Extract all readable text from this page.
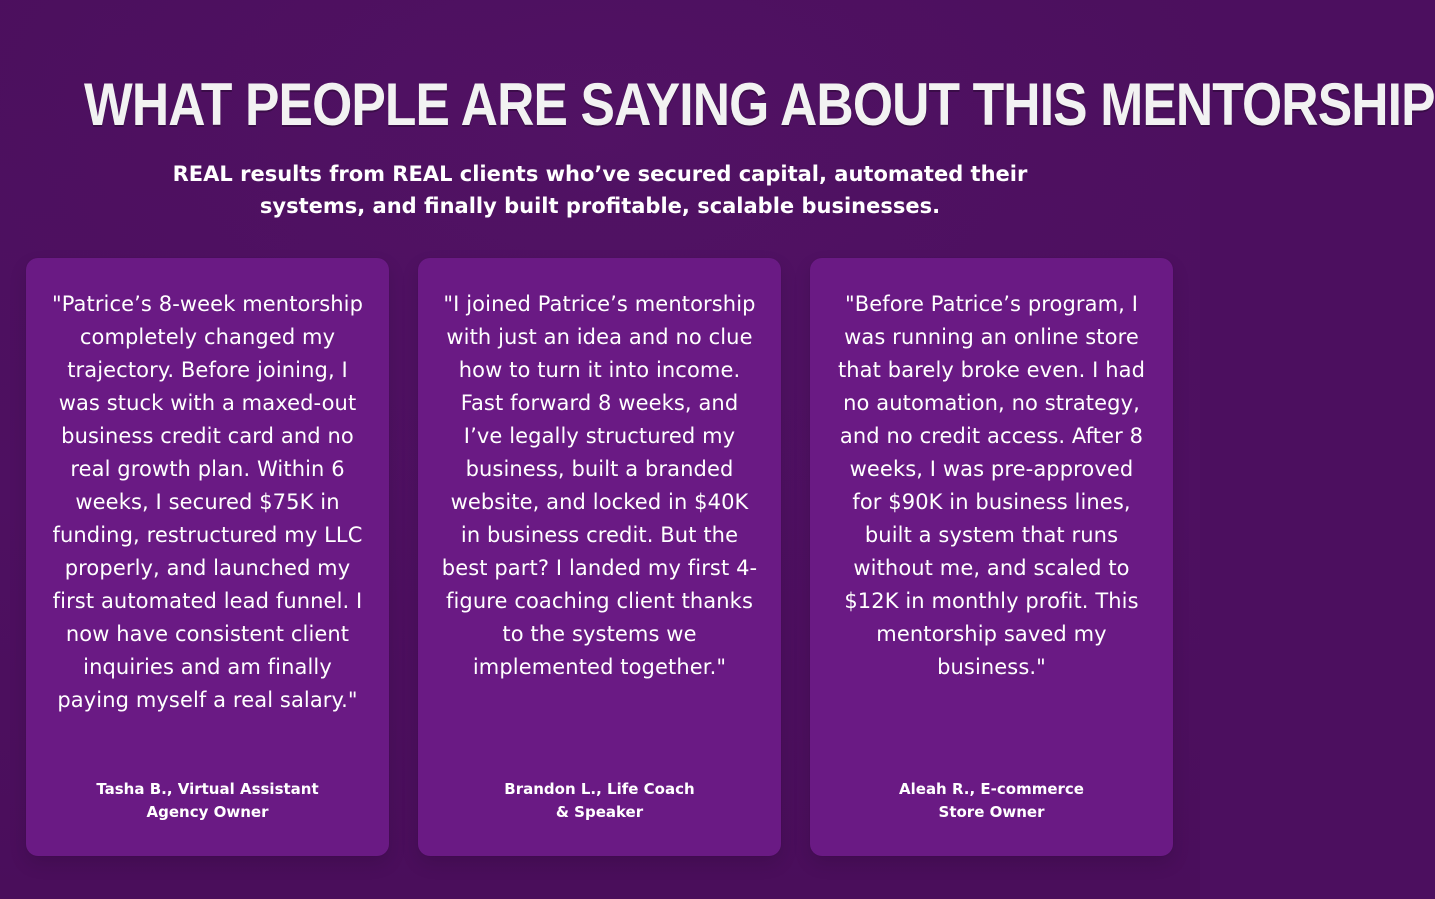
WHAT PEOPLE ARE SAYING ABOUT THIS MENTORSHIP

REAL results from REAL clients who’ve secured capital, automated their
systems, and finally built profitable, scalable businesses.

"Patrice’s 8-week mentorship completely changed my trajectory. Before joining, I was stuck with a maxed-out business credit card and no real growth plan. Within 6 weeks, I secured $75K in funding, restructured my LLC properly, and launched my first automated lead funnel. I now have consistent client inquiries and am finally paying myself a real salary."

Tasha B., Virtual Assistant
Agency Owner

"I joined Patrice’s mentorship with just an idea and no clue how to turn it into income. Fast forward 8 weeks, and I’ve legally structured my business, built a branded website, and locked in $40K in business credit. But the best part? I landed my first 4-figure coaching client thanks to the systems we implemented together."

Brandon L., Life Coach
& Speaker

"Before Patrice’s program, I was running an online store that barely broke even. I had no automation, no strategy, and no credit access. After 8 weeks, I was pre-approved for $90K in business lines, built a system that runs without me, and scaled to $12K in monthly profit. This mentorship saved my business."

Aleah R., E-commerce
Store Owner
